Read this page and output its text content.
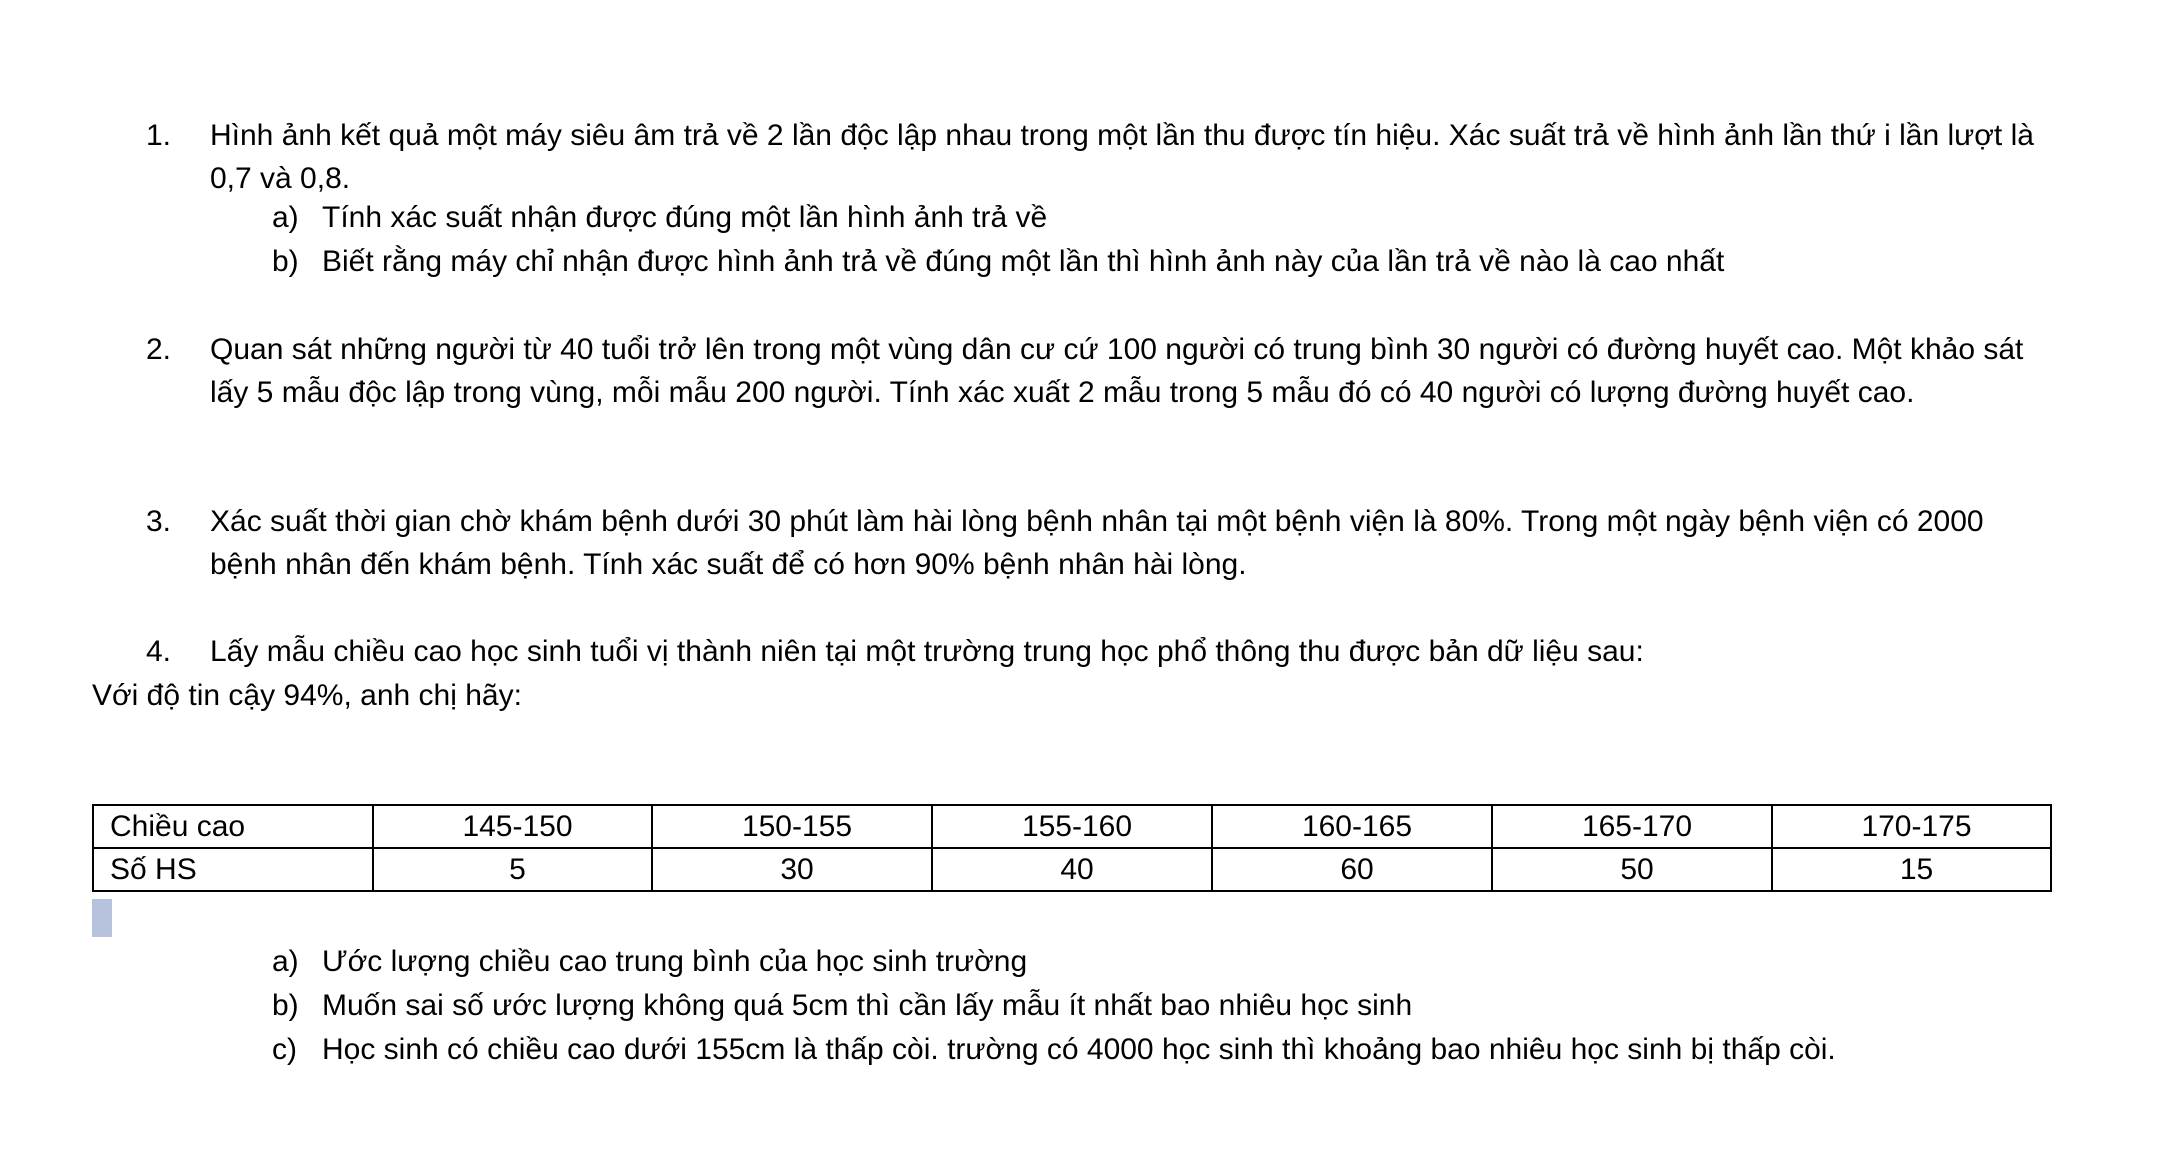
1.	Hình ảnh kết quả một máy siêu âm trả về 2 lần độc lập nhau trong một lần thu được tín hiệu. Xác suất trả về hình ảnh lần thứ i lần lượt là 0,7 và 0,8.
a) Tính xác suất nhận được đúng một lần hình ảnh trả về
b) Biết rằng máy chỉ nhận được hình ảnh trả về đúng một lần thì hình ảnh này của lần trả về nào là cao nhất
2.	Quan sát những người từ 40 tuổi trở lên trong một vùng dân cư cứ 100 người có trung bình 30 người có đường huyết cao. Một khảo sát lấy 5 mẫu độc lập trong vùng, mỗi mẫu 200 người. Tính xác xuất 2 mẫu trong 5 mẫu đó có 40 người có lượng đường huyết cao.
3.	Xác suất thời gian chờ khám bệnh dưới 30 phút làm hài lòng bệnh nhân tại một bệnh viện là 80%. Trong một ngày bệnh viện có 2000 bệnh nhân đến khám bệnh. Tính xác suất để có hơn 90% bệnh nhân hài lòng.
4.	Lấy mẫu chiều cao học sinh tuổi vị thành niên tại một trường trung học phổ thông thu được bản dữ liệu sau:
Với độ tin cậy 94%, anh chị hãy:
Chiều cao	145-150	150-155	155-160	160-165	165-170	170-175
Số HS	5	30	40	60	50	15
a) Ước lượng chiều cao trung bình của học sinh trường
b) Muốn sai số ước lượng không quá 5cm thì cần lấy mẫu ít nhất bao nhiêu học sinh
c) Học sinh có chiều cao dưới 155cm là thấp còi. trường có 4000 học sinh thì khoảng bao nhiêu học sinh bị thấp còi.
